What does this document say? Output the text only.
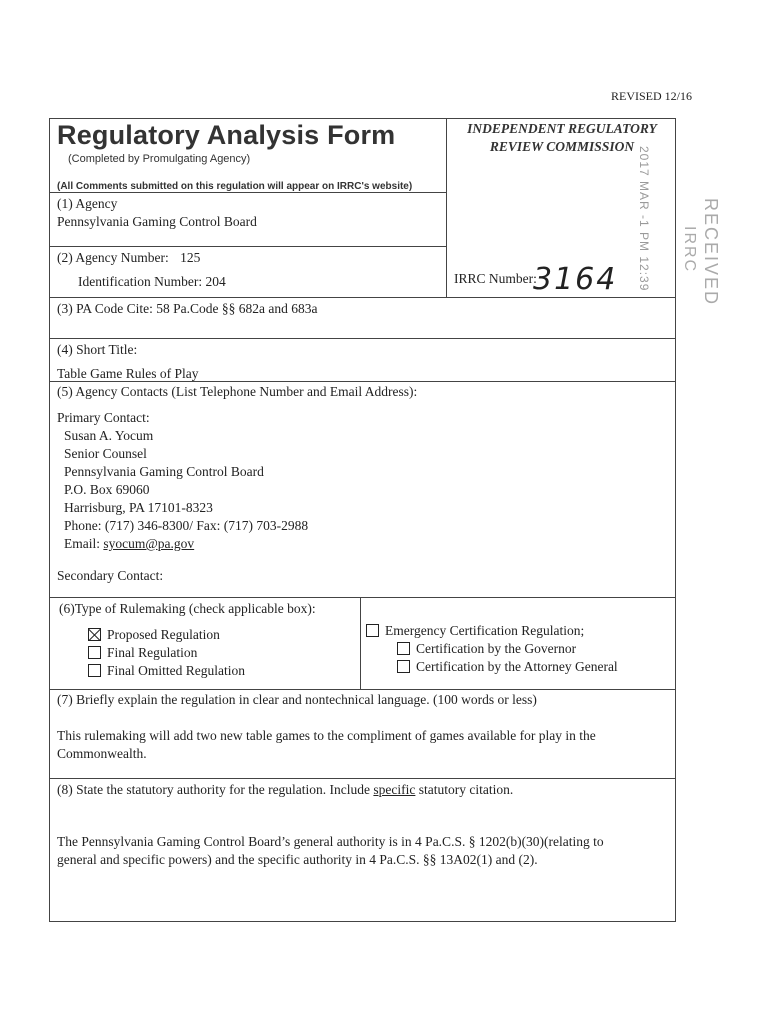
REVISED 12/16
Regulatory Analysis Form
(Completed by Promulgating Agency)
(All Comments submitted on this regulation will appear on IRRC's website)
INDEPENDENT REGULATORY
REVIEW COMMISSION
RECEIVED
IRRC
2017 MAR -1 PM 12:39
(1) Agency
Pennsylvania Gaming Control Board
(2) Agency Number: 125
Identification Number: 204	IRRC Number:
3164
(3) PA Code Cite: 58 Pa.Code §§ 682a and 683a
(4) Short Title:
Table Game Rules of Play
(5) Agency Contacts (List Telephone Number and Email Address):
Primary Contact:
Susan A. Yocum
Senior Counsel
Pennsylvania Gaming Control Board
P.O. Box 69060
Harrisburg, PA 17101-8323
Phone: (717) 346-8300/ Fax: (717) 703-2988
Email: syocum@pa.gov
Secondary Contact:
(6)Type of Rulemaking (check applicable box):
Proposed Regulation
Final Regulation
Final Omitted Regulation
Emergency Certification Regulation;
Certification by the Governor
Certification by the Attorney General
(7) Briefly explain the regulation in clear and nontechnical language. (100 words or less)
This rulemaking will add two new table games to the compliment of games available for play in the
Commonwealth.
(8) State the statutory authority for the regulation. Include specific statutory citation.
The Pennsylvania Gaming Control Board’s general authority is in 4 Pa.C.S. § 1202(b)(30)(relating to
general and specific powers) and the specific authority in 4 Pa.C.S. §§ 13A02(1) and (2).
